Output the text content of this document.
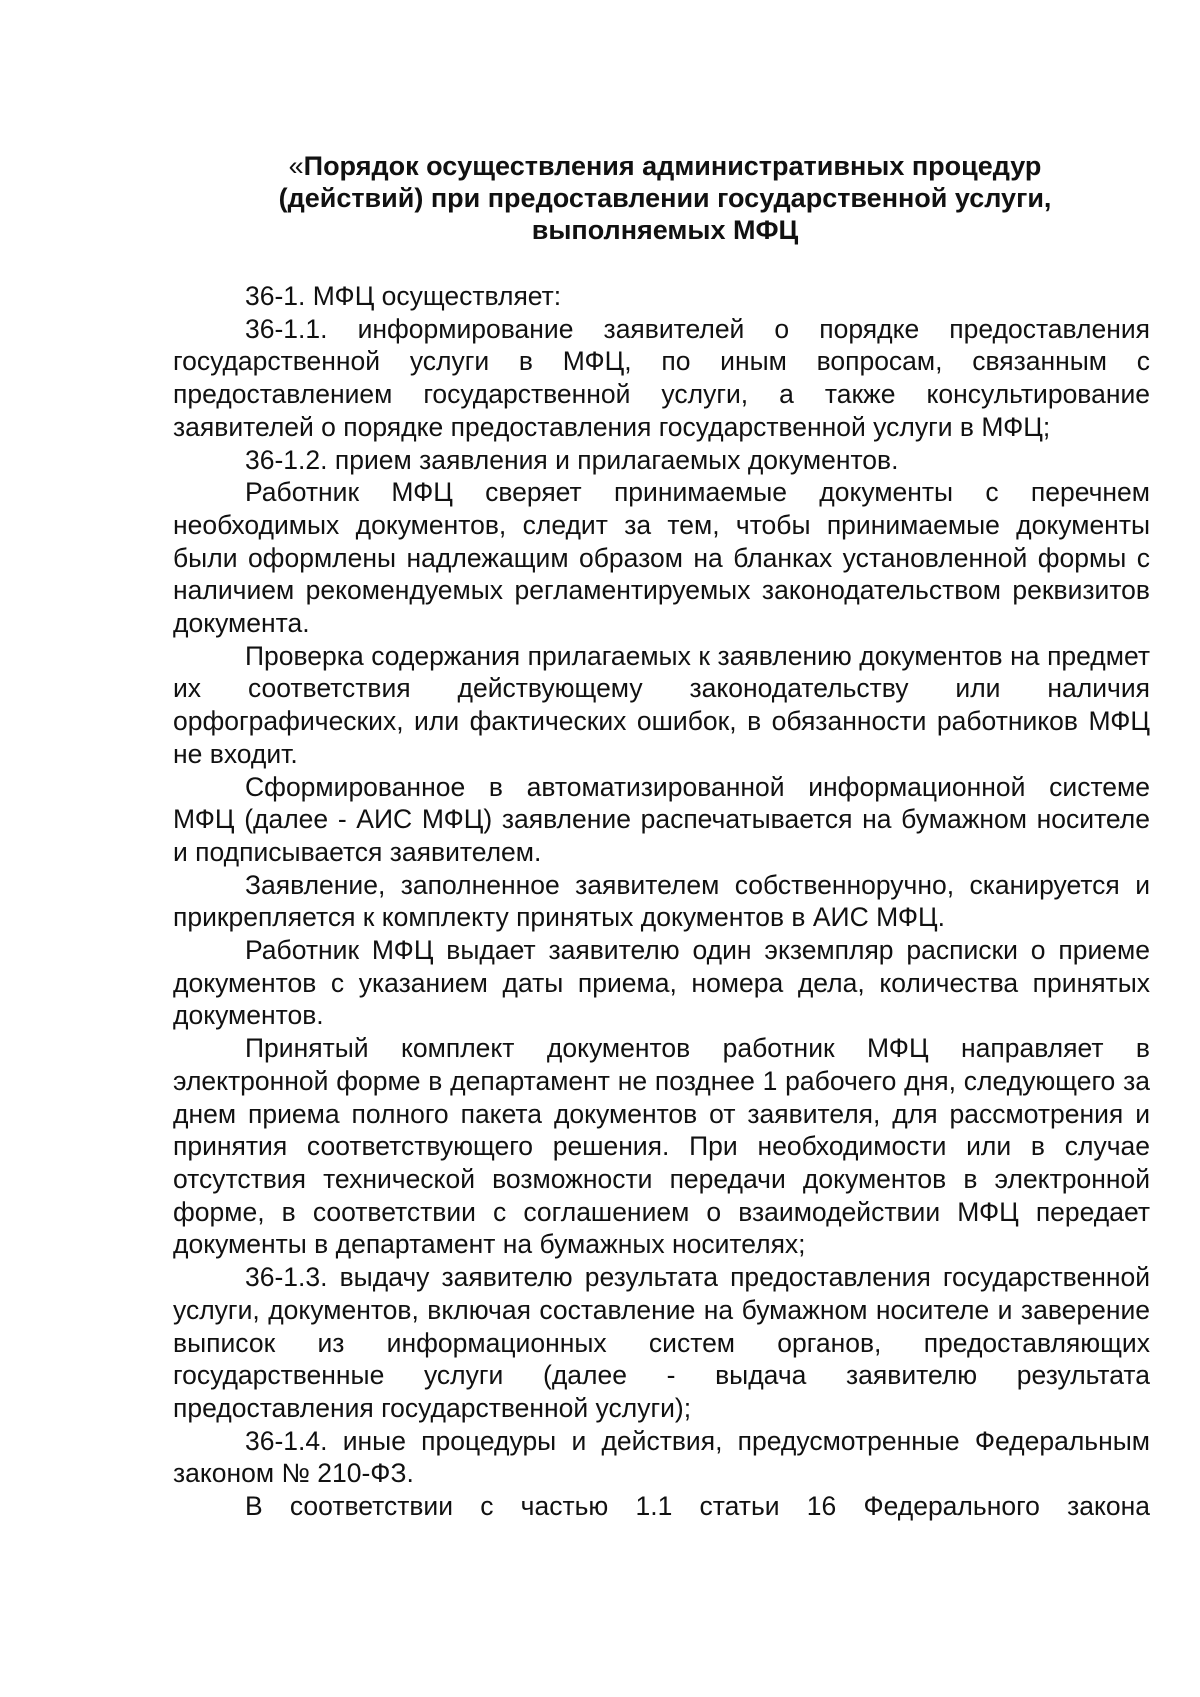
«Порядок осуществления административных процедур (действий) при предоставлении государственной услуги, выполняемых МФЦ

36-1. МФЦ осуществляет:

36-1.1. информирование заявителей о порядке предоставления государственной услуги в МФЦ, по иным вопросам, связанным с предоставлением государственной услуги, а также консультирование заявителей о порядке предоставления государственной услуги в МФЦ;

36-1.2. прием заявления и прилагаемых документов.

Работник МФЦ сверяет принимаемые документы с перечнем необходимых документов, следит за тем, чтобы принимаемые документы были оформлены надлежащим образом на бланках установленной формы с наличием рекомендуемых регламентируемых законодательством реквизитов документа.

Проверка содержания прилагаемых к заявлению документов на предмет их соответствия действующему законодательству или наличия орфографических, или фактических ошибок, в обязанности работников МФЦ не входит.

Сформированное в автоматизированной информационной системе МФЦ (далее - АИС МФЦ) заявление распечатывается на бумажном носителе и подписывается заявителем.

Заявление, заполненное заявителем собственноручно, сканируется и прикрепляется к комплекту принятых документов в АИС МФЦ.

Работник МФЦ выдает заявителю один экземпляр расписки о приеме документов с указанием даты приема, номера дела, количества принятых документов.

Принятый комплект документов работник МФЦ направляет в электронной форме в департамент не позднее 1 рабочего дня, следующего за днем приема полного пакета документов от заявителя, для рассмотрения и принятия соответствующего решения. При необходимости или в случае отсутствия технической возможности передачи документов в электронной форме, в соответствии с соглашением о взаимодействии МФЦ передает документы в департамент на бумажных носителях;

36-1.3. выдачу заявителю результата предоставления государственной услуги, документов, включая составление на бумажном носителе и заверение выписок из информационных систем органов, предоставляющих государственные услуги (далее - выдача заявителю результата предоставления государственной услуги);

36-1.4. иные процедуры и действия, предусмотренные Федеральным законом № 210-ФЗ.

В соответствии с частью 1.1 статьи 16 Федерального закона
